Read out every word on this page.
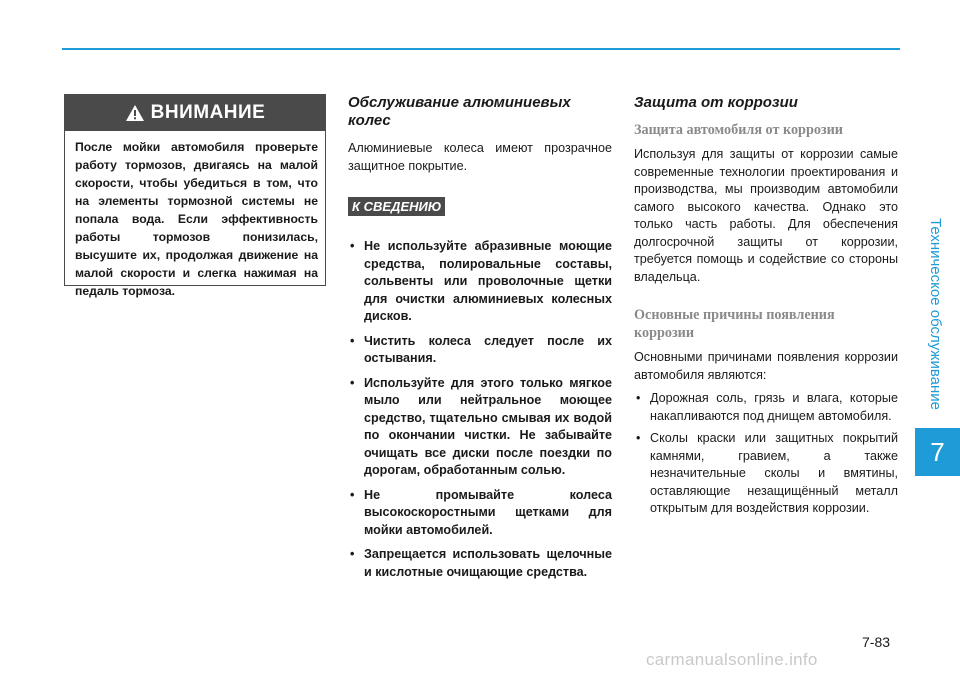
Техническое обслуживание
7
ВНИМАНИЕ
После мойки автомобиля проверьте работу тормозов, двигаясь на малой скорости, чтобы убедиться в том, что на элементы тормозной системы не попала вода. Если эффективность работы тормозов понизилась, высушите их, продолжая движение на малой скорости и слегка нажимая на педаль тормоза.
Обслуживание алюминиевых колес

Алюминиевые колеса имеют прозрачное защитное покрытие.

К СВЕДЕНИЮ
• Не используйте абразивные моющие средства, полировальные составы, сольвенты или проволочные щетки для очистки алюминиевых колесных дисков.
• Чистить колеса следует после их остывания.
• Используйте для этого только мягкое мыло или нейтральное моющее средство, тщательно смывая их водой по окончании чистки. Не забывайте очищать все диски после поездки по дорогам, обработанным солью.
• Не промывайте колеса высокоскоростными щетками для мойки автомобилей.
• Запрещается использовать щелочные и кислотные очищающие средства.
Защита от коррозии
Защита автомобиля от коррозии

Используя для защиты от коррозии самые современные технологии проектирования и производства, мы производим автомобили самого высокого качества. Однако это только часть работы. Для обеспечения долгосрочной защиты от коррозии, требуется помощь и содействие со стороны владельца.

Основные причины появления коррозии

Основными причинами появления коррозии автомобиля являются:

• Дорожная соль, грязь и влага, которые накапливаются под днищем автомобиля.
• Сколы краски или защитных покрытий камнями, гравием, а также незначительные сколы и вмятины, оставляющие незащищённый металл открытым для воздействия коррозии.
7-83
carmanualsonline.info
